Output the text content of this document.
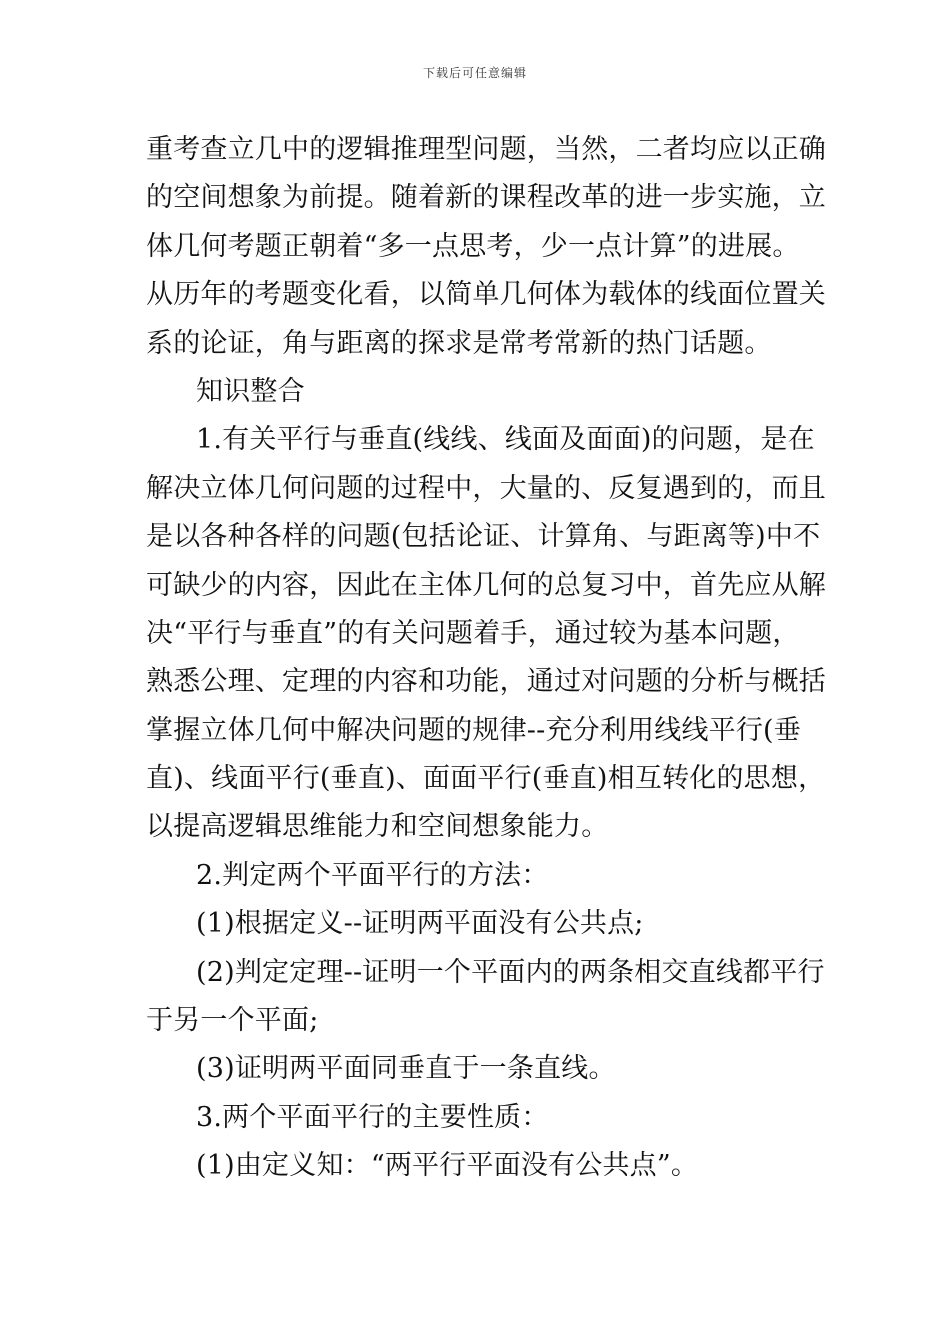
下载后可任意编辑
重考查立几中的逻辑推理型问题，当然，二者均应以正确
的空间想象为前提。随着新的课程改革的进一步实施，立
体几何考题正朝着“多一点思考，少一点计算”的进展。
从历年的考题变化看，以简单几何体为载体的线面位置关
系的论证，角与距离的探求是常考常新的热门话题。
知识整合
1.有关平行与垂直(线线、线面及面面)的问题，是在
解决立体几何问题的过程中，大量的、反复遇到的，而且
是以各种各样的问题(包括论证、计算角、与距离等)中不
可缺少的内容，因此在主体几何的总复习中，首先应从解
决“平行与垂直”的有关问题着手，通过较为基本问题，
熟悉公理、定理的内容和功能，通过对问题的分析与概括
掌握立体几何中解决问题的规律--充分利用线线平行(垂
直)、线面平行(垂直)、面面平行(垂直)相互转化的思想，
以提高逻辑思维能力和空间想象能力。
2.判定两个平面平行的方法：
(1)根据定义--证明两平面没有公共点;
(2)判定定理--证明一个平面内的两条相交直线都平行
于另一个平面;
(3)证明两平面同垂直于一条直线。
3.两个平面平行的主要性质：
(1)由定义知：“两平行平面没有公共点”。
